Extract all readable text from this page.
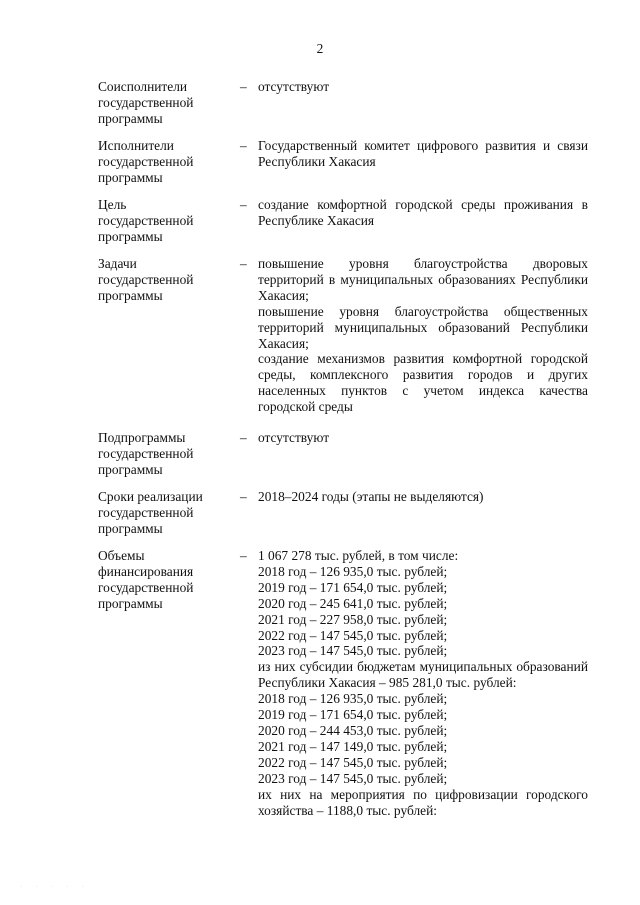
2
Соисполнители
государственной
программы
– отсутствуют
Исполнители
государственной
программы
– Государственный комитет цифрового развития и связи Республики Хакасия
Цель
государственной
программы
– создание комфортной городской среды проживания в Республике Хакасия
Задачи
государственной
программы
– повышение уровня благоустройства дворовых территорий в муниципальных образованиях Республики Хакасия;
повышение уровня благоустройства общественных территорий муниципальных образований Республики Хакасия;
создание механизмов развития комфортной городской среды, комплексного развития городов и других населенных пунктов с учетом индекса качества городской среды
Подпрограммы
государственной
программы
– отсутствуют
Сроки реализации
государственной
программы
– 2018–2024 годы (этапы не выделяются)
Объемы
финансирования
государственной
программы
– 1 067 278 тыс. рублей, в том числе:
2018 год – 126 935,0 тыс. рублей;
2019 год – 171 654,0 тыс. рублей;
2020 год – 245 641,0 тыс. рублей;
2021 год – 227 958,0 тыс. рублей;
2022 год – 147 545,0 тыс. рублей;
2023 год – 147 545,0 тыс. рублей;
из них субсидии бюджетам муниципальных образований Республики Хакасия – 985 281,0 тыс. рублей:
2018 год – 126 935,0 тыс. рублей;
2019 год – 171 654,0 тыс. рублей;
2020 год – 244 453,0 тыс. рублей;
2021 год – 147 149,0 тыс. рублей;
2022 год – 147 545,0 тыс. рублей;
2023 год – 147 545,0 тыс. рублей;
их них на мероприятия по цифровизации городского хозяйства – 1188,0 тыс. рублей:
· · · · ·
